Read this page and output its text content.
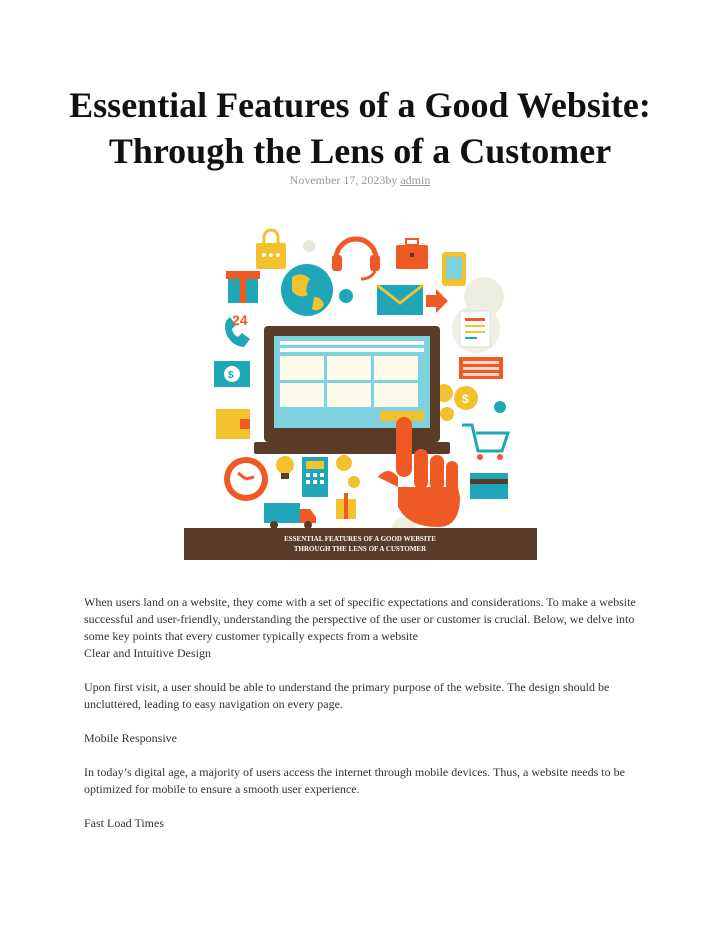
Essential Features of a Good Website:
Through the Lens of a Customer
November 17, 2023by admin
24
$
$
ESSENTIAL FEATURES OF A GOOD WEBSITE
THROUGH THE LENS OF A CUSTOMER

When users land on a website, they come with a set of specific expectations and considerations. To make a website successful and user-friendly, understanding the perspective of the user or customer is crucial. Below, we delve into some key points that every customer typically expects from a website

Clear and Intuitive Design

Upon first visit, a user should be able to understand the primary purpose of the website. The design should be uncluttered, leading to easy navigation on every page.

Mobile Responsive

In today’s digital age, a majority of users access the internet through mobile devices. Thus, a website needs to be optimized for mobile to ensure a smooth user experience.

Fast Load Times
